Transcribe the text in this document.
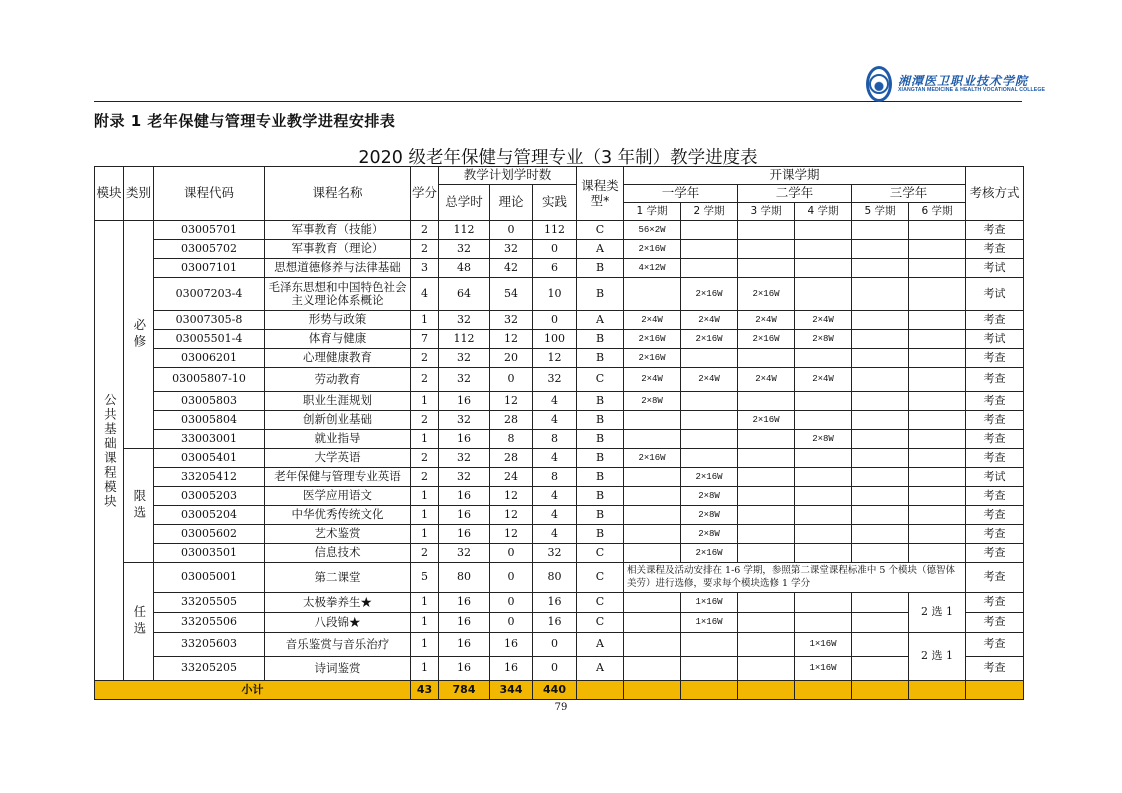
湘潭医卫职业技术学院
XIANGTAN MEDICINE & HEALTH VOCATIONAL COLLEGE
附录 1 老年保健与管理专业教学进程安排表
2020 级老年保健与管理专业（3 年制）教学进度表
模块	类别	课程代码	课程名称	学分	教学计划学时数			课程类型*	开课学期						考核方式
					总学时	理论	实践		一学年		二学年		三学年		
									1 学期	2 学期	3 学期	4 学期	5 学期	6 学期	
公共基础课程模块	必修	03005701	军事教育（技能）	2	112	0	112	C	56×2W						考查
		03005702	军事教育（理论）	2	32	32	0	A	2×16W						考查
		03007101	思想道德修养与法律基础	3	48	42	6	B	4×12W						考试
		03007203-4	毛泽东思想和中国特色社会主义理论体系概论	4	64	54	10	B		2×16W	2×16W				考试
		03007305-8	形势与政策	1	32	32	0	A	2×4W	2×4W	2×4W	2×4W			考查
		03005501-4	体育与健康	7	112	12	100	B	2×16W	2×16W	2×16W	2×8W			考试
		03006201	心理健康教育	2	32	20	12	B	2×16W						考查
		03005807-10	劳动教育	2	32	0	32	C	2×4W	2×4W	2×4W	2×4W			考查
		03005803	职业生涯规划	1	16	12	4	B	2×8W						考查
		03005804	创新创业基础	2	32	28	4	B			2×16W				考查
		33003001	就业指导	1	16	8	8	B				2×8W			考查
	限选	03005401	大学英语	2	32	28	4	B	2×16W						考查
		33205412	老年保健与管理专业英语	2	32	24	8	B		2×16W					考试
		03005203	医学应用语文	1	16	12	4	B		2×8W					考查
		03005204	中华优秀传统文化	1	16	12	4	B		2×8W					考查
		03005602	艺术鉴赏	1	16	12	4	B		2×8W					考查
		03003501	信息技术	2	32	0	32	C		2×16W					考查
	任选	03005001	第二课堂	5	80	0	80	C	相关课程及活动安排在 1-6 学期，参照第二课堂课程标准中 5 个模块（德智体美劳）进行选修，要求每个模块选修 1 学分						考查
		33205505	太极拳养生★	1	16	0	16	C		1×16W				2 选 1	考查
		33205506	八段锦★	1	16	0	16	C		1×16W					考查
		33205603	音乐鉴赏与音乐治疗	1	16	16	0	A				1×16W		2 选 1	考查
		33205205	诗词鉴赏	1	16	16	0	A				1×16W			考查
小计				43	784	344	440								
79
